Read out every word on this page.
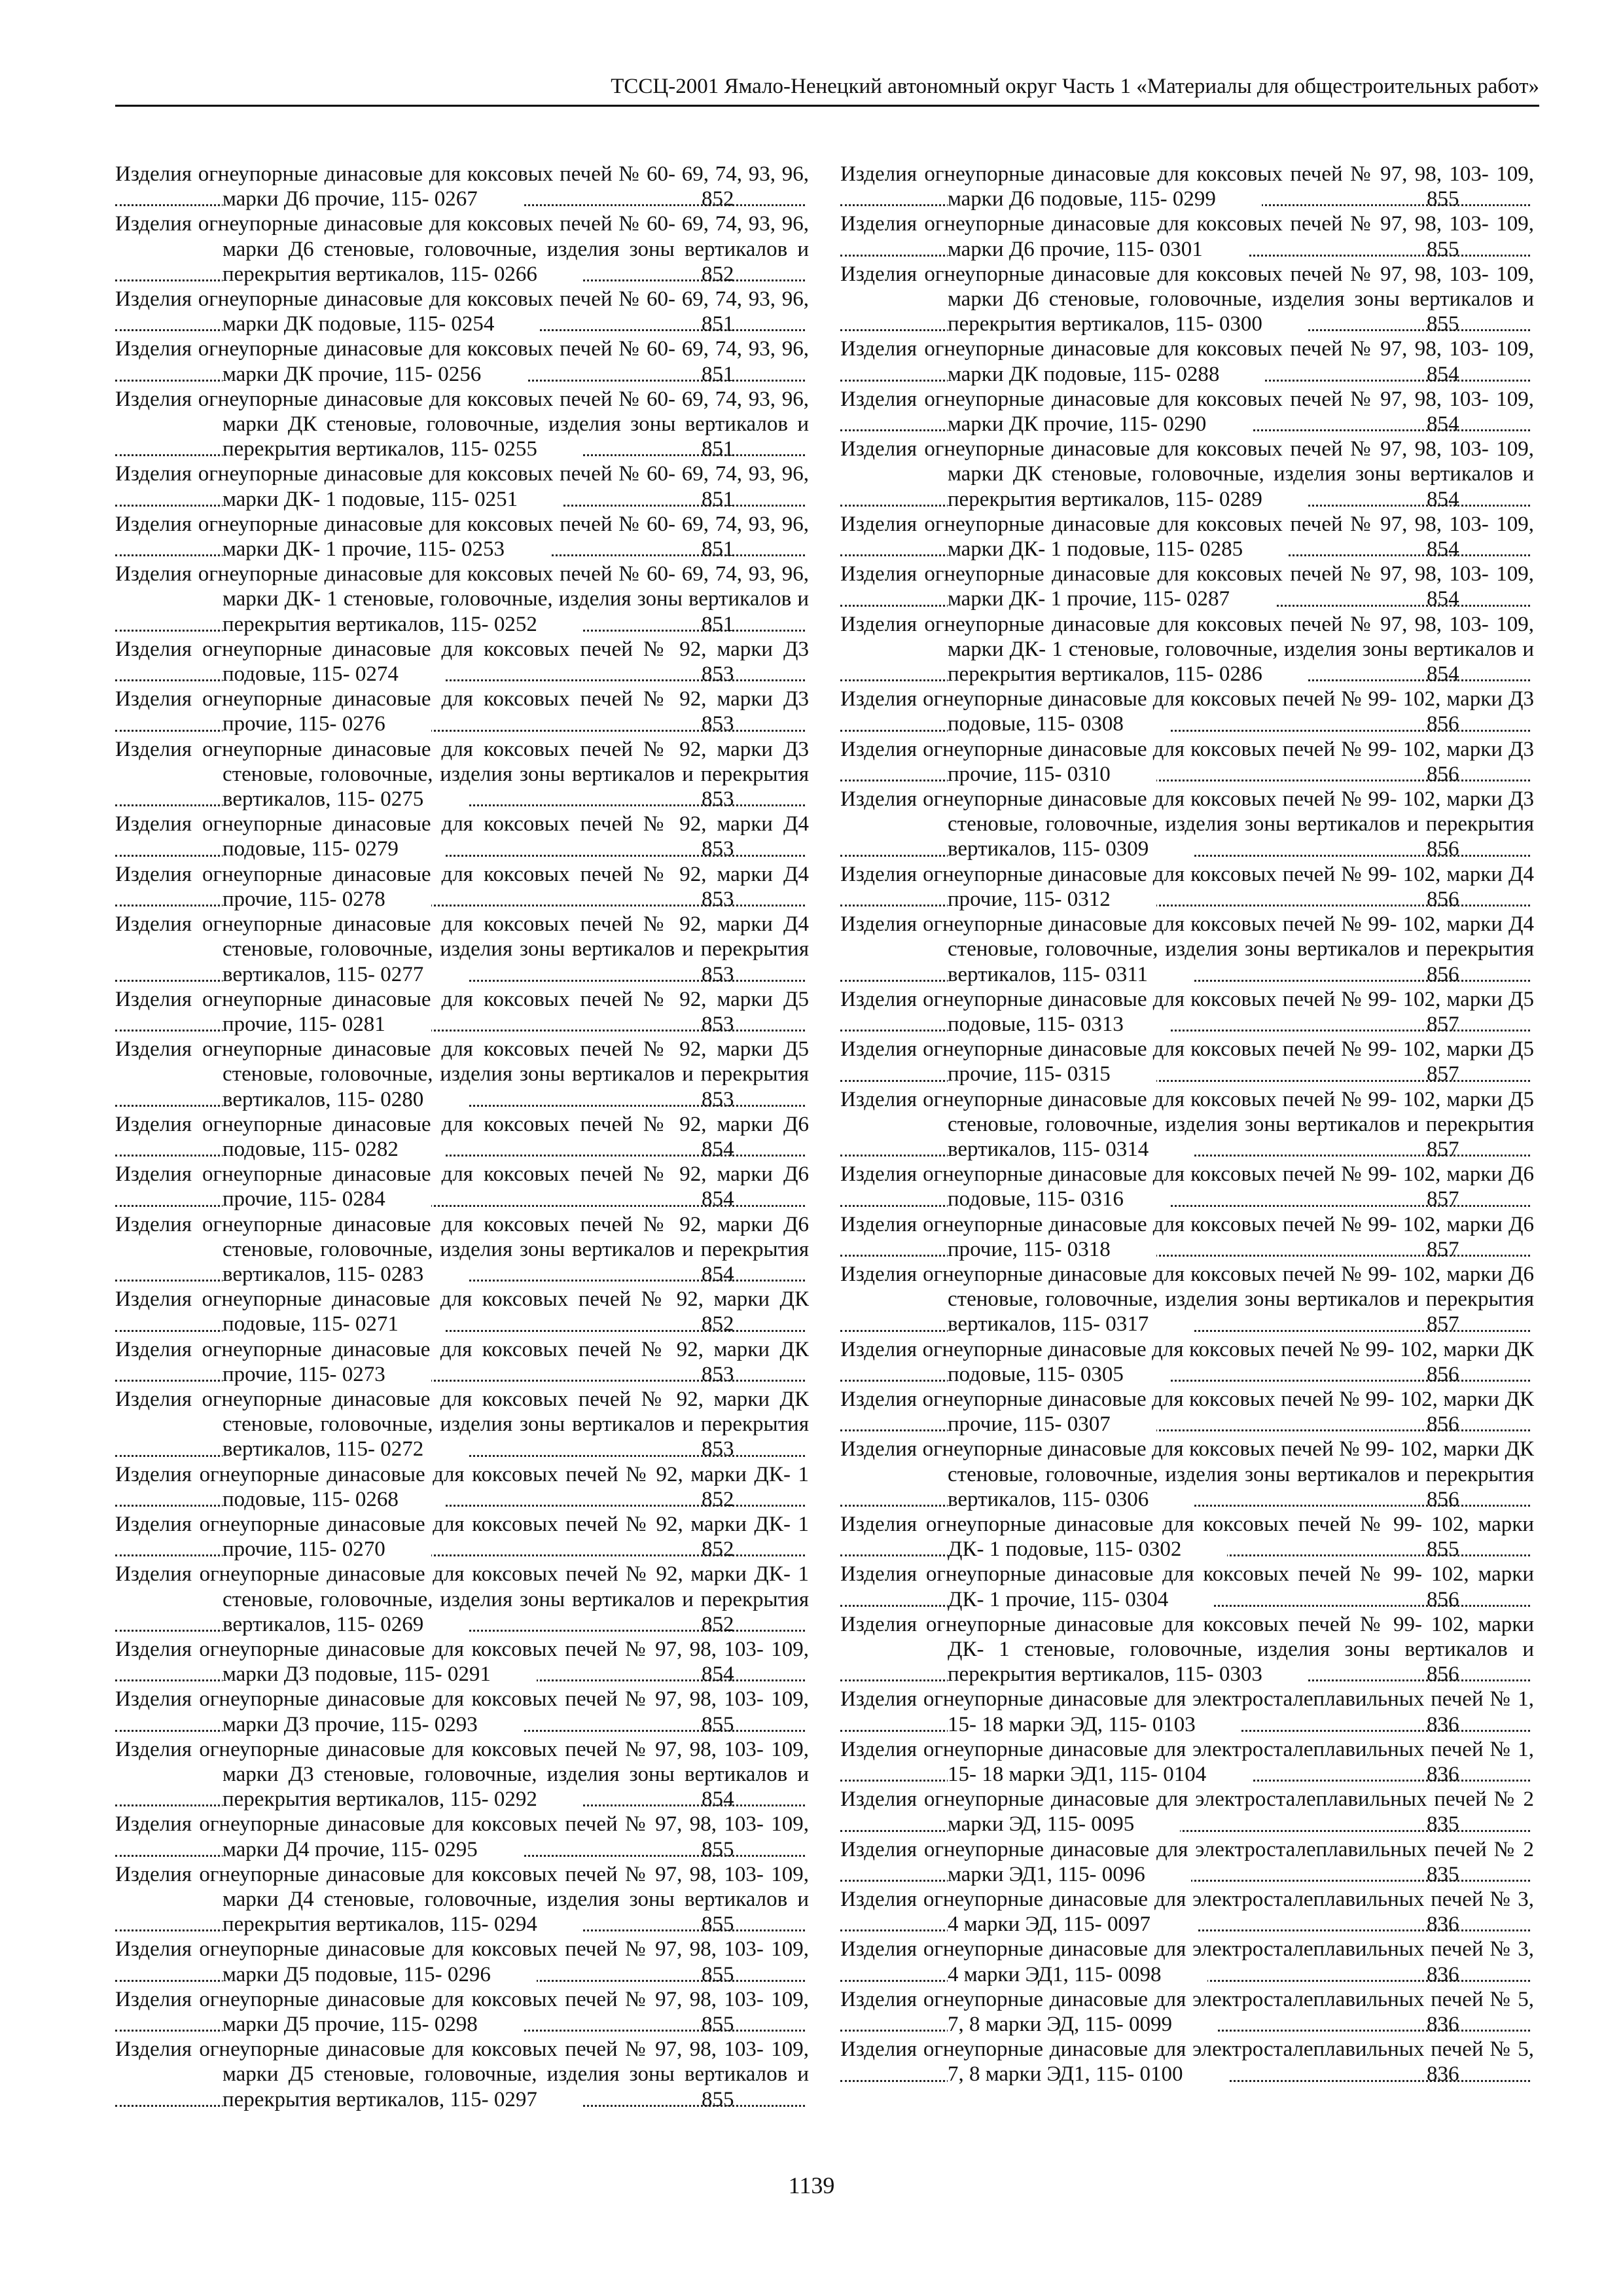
ТССЦ-2001 Ямало-Ненецкий автономный округ Часть 1 «Материалы для общестроительных работ»
Изделия огнеупорные динасовые для коксовых печей № 60- 69, 74, 93, 96, марки Д6 прочие, 115- 0267	852
Изделия огнеупорные динасовые для коксовых печей № 60- 69, 74, 93, 96, марки Д6 стеновые, головочные, изделия зоны вертикалов и перекрытия вертикалов, 115- 0266	852
Изделия огнеупорные динасовые для коксовых печей № 60- 69, 74, 93, 96, марки ДК подовые, 115- 0254	851
Изделия огнеупорные динасовые для коксовых печей № 60- 69, 74, 93, 96, марки ДК прочие, 115- 0256	851
Изделия огнеупорные динасовые для коксовых печей № 60- 69, 74, 93, 96, марки ДК стеновые, головочные, изделия зоны вертикалов и перекрытия вертикалов, 115- 0255	851
Изделия огнеупорные динасовые для коксовых печей № 60- 69, 74, 93, 96, марки ДК- 1 подовые, 115- 0251	851
Изделия огнеупорные динасовые для коксовых печей № 60- 69, 74, 93, 96, марки ДК- 1 прочие, 115- 0253	851
Изделия огнеупорные динасовые для коксовых печей № 60- 69, 74, 93, 96, марки ДК- 1 стеновые, головочные, изделия зоны вертикалов и перекрытия вертикалов, 115- 0252	851
Изделия огнеупорные динасовые для коксовых печей № 92, марки Д3 подовые, 115- 0274	853
Изделия огнеупорные динасовые для коксовых печей № 92, марки Д3 прочие, 115- 0276	853
Изделия огнеупорные динасовые для коксовых печей № 92, марки Д3 стеновые, головочные, изделия зоны вертикалов и перекрытия вертикалов, 115- 0275	853
Изделия огнеупорные динасовые для коксовых печей № 92, марки Д4 подовые, 115- 0279	853
Изделия огнеупорные динасовые для коксовых печей № 92, марки Д4 прочие, 115- 0278	853
Изделия огнеупорные динасовые для коксовых печей № 92, марки Д4 стеновые, головочные, изделия зоны вертикалов и перекрытия вертикалов, 115- 0277	853
Изделия огнеупорные динасовые для коксовых печей № 92, марки Д5 прочие, 115- 0281	853
Изделия огнеупорные динасовые для коксовых печей № 92, марки Д5 стеновые, головочные, изделия зоны вертикалов и перекрытия вертикалов, 115- 0280	853
Изделия огнеупорные динасовые для коксовых печей № 92, марки Д6 подовые, 115- 0282	854
Изделия огнеупорные динасовые для коксовых печей № 92, марки Д6 прочие, 115- 0284	854
Изделия огнеупорные динасовые для коксовых печей № 92, марки Д6 стеновые, головочные, изделия зоны вертикалов и перекрытия вертикалов, 115- 0283	854
Изделия огнеупорные динасовые для коксовых печей № 92, марки ДК подовые, 115- 0271	852
Изделия огнеупорные динасовые для коксовых печей № 92, марки ДК прочие, 115- 0273	853
Изделия огнеупорные динасовые для коксовых печей № 92, марки ДК стеновые, головочные, изделия зоны вертикалов и перекрытия вертикалов, 115- 0272	853
Изделия огнеупорные динасовые для коксовых печей № 92, марки ДК- 1 подовые, 115- 0268	852
Изделия огнеупорные динасовые для коксовых печей № 92, марки ДК- 1 прочие, 115- 0270	852
Изделия огнеупорные динасовые для коксовых печей № 92, марки ДК- 1 стеновые, головочные, изделия зоны вертикалов и перекрытия вертикалов, 115- 0269	852
Изделия огнеупорные динасовые для коксовых печей № 97, 98, 103- 109, марки Д3 подовые, 115- 0291	854
Изделия огнеупорные динасовые для коксовых печей № 97, 98, 103- 109, марки Д3 прочие, 115- 0293	855
Изделия огнеупорные динасовые для коксовых печей № 97, 98, 103- 109, марки Д3 стеновые, головочные, изделия зоны вертикалов и перекрытия вертикалов, 115- 0292	854
Изделия огнеупорные динасовые для коксовых печей № 97, 98, 103- 109, марки Д4 прочие, 115- 0295	855
Изделия огнеупорные динасовые для коксовых печей № 97, 98, 103- 109, марки Д4 стеновые, головочные, изделия зоны вертикалов и перекрытия вертикалов, 115- 0294	855
Изделия огнеупорные динасовые для коксовых печей № 97, 98, 103- 109, марки Д5 подовые, 115- 0296	855
Изделия огнеупорные динасовые для коксовых печей № 97, 98, 103- 109, марки Д5 прочие, 115- 0298	855
Изделия огнеупорные динасовые для коксовых печей № 97, 98, 103- 109, марки Д5 стеновые, головочные, изделия зоны вертикалов и перекрытия вертикалов, 115- 0297	855
Изделия огнеупорные динасовые для коксовых печей № 97, 98, 103- 109, марки Д6 подовые, 115- 0299	855
Изделия огнеупорные динасовые для коксовых печей № 97, 98, 103- 109, марки Д6 прочие, 115- 0301	855
Изделия огнеупорные динасовые для коксовых печей № 97, 98, 103- 109, марки Д6 стеновые, головочные, изделия зоны вертикалов и перекрытия вертикалов, 115- 0300	855
Изделия огнеупорные динасовые для коксовых печей № 97, 98, 103- 109, марки ДК подовые, 115- 0288	854
Изделия огнеупорные динасовые для коксовых печей № 97, 98, 103- 109, марки ДК прочие, 115- 0290	854
Изделия огнеупорные динасовые для коксовых печей № 97, 98, 103- 109, марки ДК стеновые, головочные, изделия зоны вертикалов и перекрытия вертикалов, 115- 0289	854
Изделия огнеупорные динасовые для коксовых печей № 97, 98, 103- 109, марки ДК- 1 подовые, 115- 0285	854
Изделия огнеупорные динасовые для коксовых печей № 97, 98, 103- 109, марки ДК- 1 прочие, 115- 0287	854
Изделия огнеупорные динасовые для коксовых печей № 97, 98, 103- 109, марки ДК- 1 стеновые, головочные, изделия зоны вертикалов и перекрытия вертикалов, 115- 0286	854
Изделия огнеупорные динасовые для коксовых печей № 99- 102, марки Д3 подовые, 115- 0308	856
Изделия огнеупорные динасовые для коксовых печей № 99- 102, марки Д3 прочие, 115- 0310	856
Изделия огнеупорные динасовые для коксовых печей № 99- 102, марки Д3 стеновые, головочные, изделия зоны вертикалов и перекрытия вертикалов, 115- 0309	856
Изделия огнеупорные динасовые для коксовых печей № 99- 102, марки Д4 прочие, 115- 0312	856
Изделия огнеупорные динасовые для коксовых печей № 99- 102, марки Д4 стеновые, головочные, изделия зоны вертикалов и перекрытия вертикалов, 115- 0311	856
Изделия огнеупорные динасовые для коксовых печей № 99- 102, марки Д5 подовые, 115- 0313	857
Изделия огнеупорные динасовые для коксовых печей № 99- 102, марки Д5 прочие, 115- 0315	857
Изделия огнеупорные динасовые для коксовых печей № 99- 102, марки Д5 стеновые, головочные, изделия зоны вертикалов и перекрытия вертикалов, 115- 0314	857
Изделия огнеупорные динасовые для коксовых печей № 99- 102, марки Д6 подовые, 115- 0316	857
Изделия огнеупорные динасовые для коксовых печей № 99- 102, марки Д6 прочие, 115- 0318	857
Изделия огнеупорные динасовые для коксовых печей № 99- 102, марки Д6 стеновые, головочные, изделия зоны вертикалов и перекрытия вертикалов, 115- 0317	857
Изделия огнеупорные динасовые для коксовых печей № 99- 102, марки ДК подовые, 115- 0305	856
Изделия огнеупорные динасовые для коксовых печей № 99- 102, марки ДК прочие, 115- 0307	856
Изделия огнеупорные динасовые для коксовых печей № 99- 102, марки ДК стеновые, головочные, изделия зоны вертикалов и перекрытия вертикалов, 115- 0306	856
Изделия огнеупорные динасовые для коксовых печей № 99- 102, марки ДК- 1 подовые, 115- 0302	855
Изделия огнеупорные динасовые для коксовых печей № 99- 102, марки ДК- 1 прочие, 115- 0304	856
Изделия огнеупорные динасовые для коксовых печей № 99- 102, марки ДК- 1 стеновые, головочные, изделия зоны вертикалов и перекрытия вертикалов, 115- 0303	856
Изделия огнеупорные динасовые для электросталеплавильных печей № 1, 15- 18 марки ЭД, 115- 0103	836
Изделия огнеупорные динасовые для электросталеплавильных печей № 1, 15- 18 марки ЭД1, 115- 0104	836
Изделия огнеупорные динасовые для электросталеплавильных печей № 2 марки ЭД, 115- 0095	835
Изделия огнеупорные динасовые для электросталеплавильных печей № 2 марки ЭД1, 115- 0096	835
Изделия огнеупорные динасовые для электросталеплавильных печей № 3, 4 марки ЭД, 115- 0097	836
Изделия огнеупорные динасовые для электросталеплавильных печей № 3, 4 марки ЭД1, 115- 0098	836
Изделия огнеупорные динасовые для электросталеплавильных печей № 5, 7, 8 марки ЭД, 115- 0099	836
Изделия огнеупорные динасовые для электросталеплавильных печей № 5, 7, 8 марки ЭД1, 115- 0100	836
1139
